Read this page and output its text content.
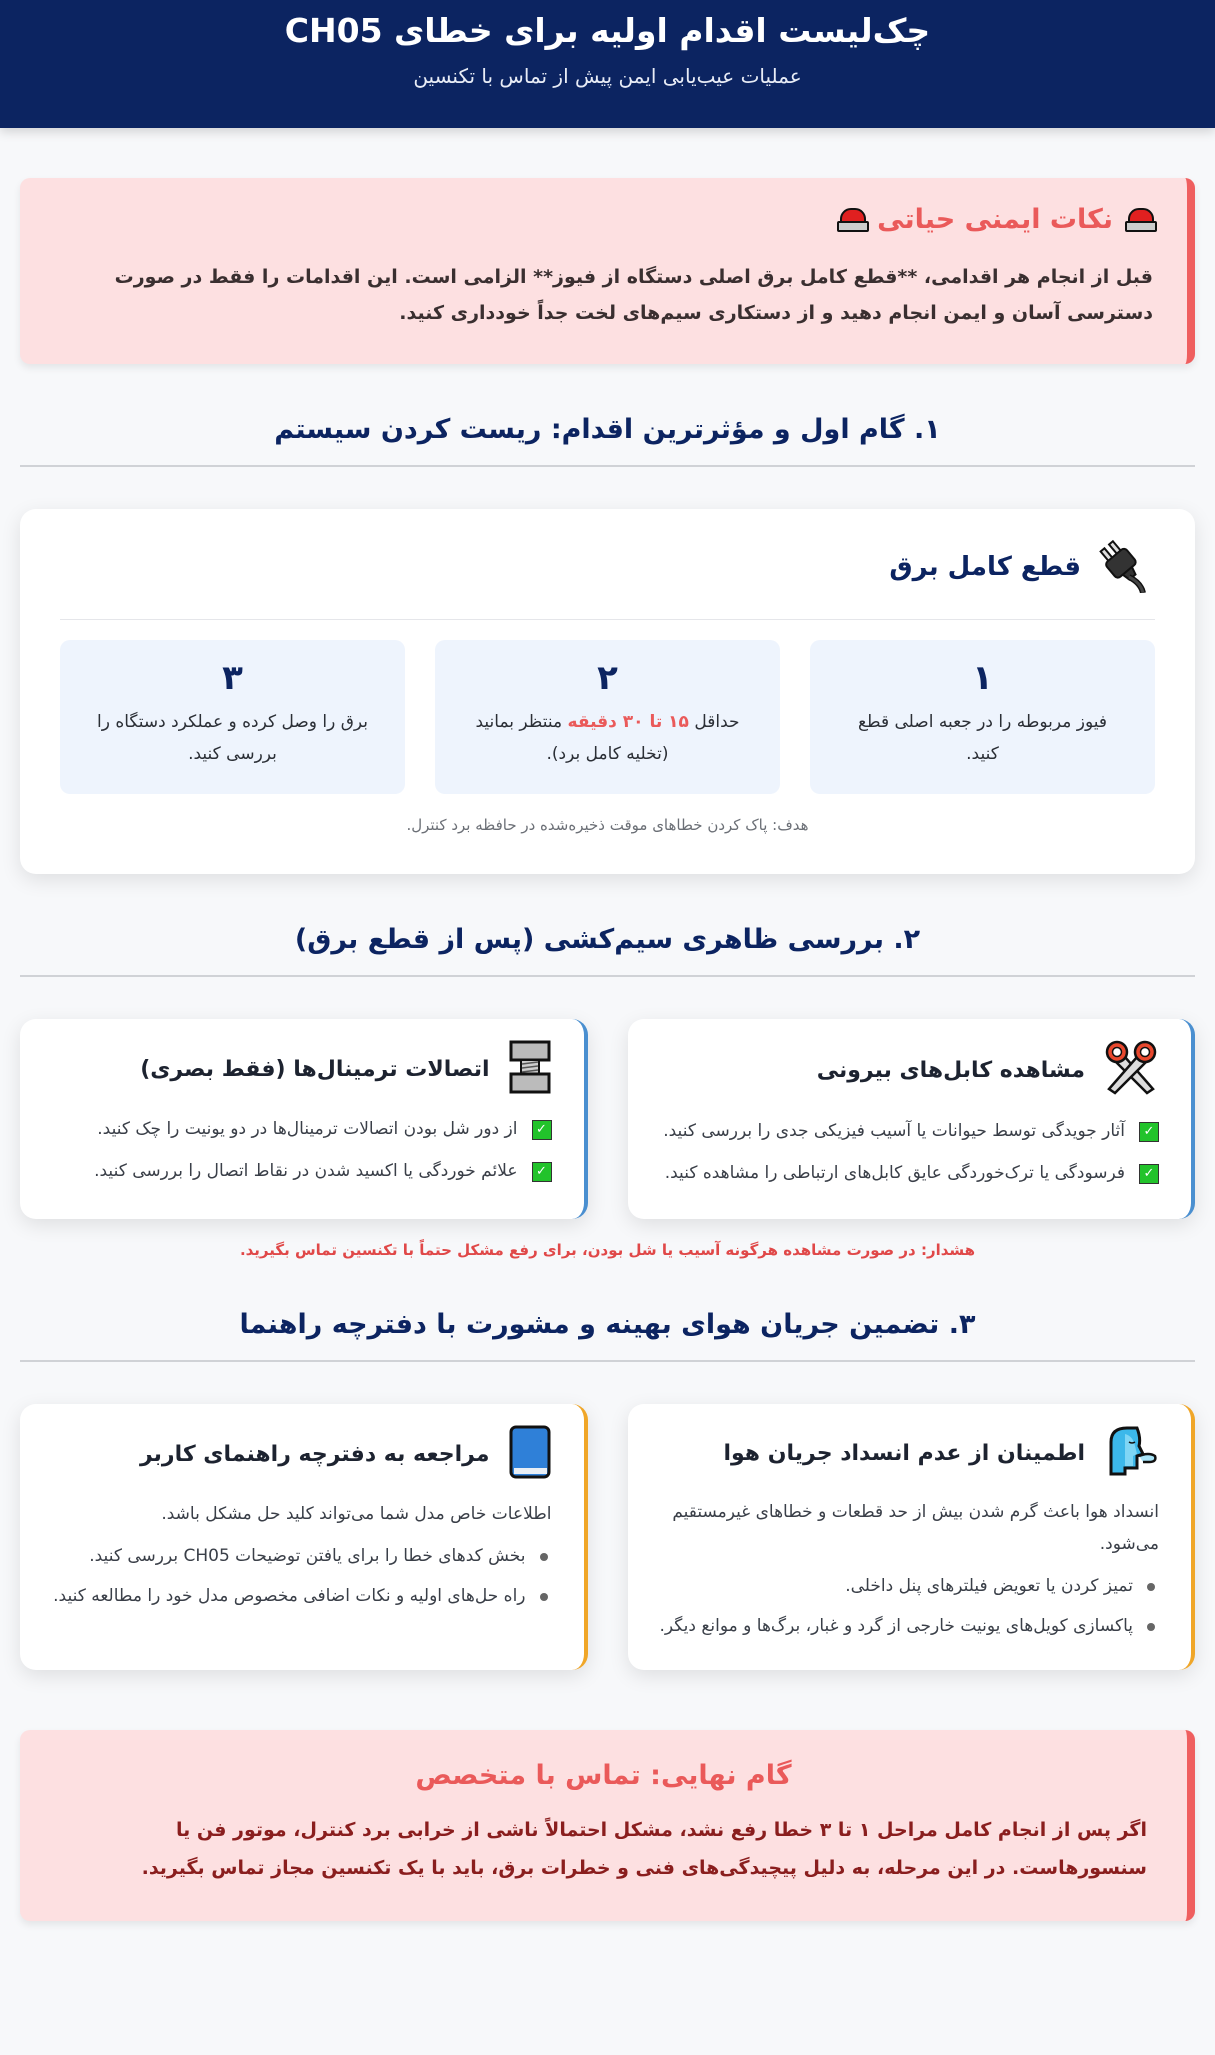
چک‌لیست اقدام اولیه برای خطای CH05

عملیات عیب‌یابی ایمن پیش از تماس با تکنسین

نکات ایمنی حیاتی

قبل از انجام هر اقدامی، **قطع کامل برق اصلی دستگاه از فیوز** الزامی است. این اقدامات را فقط در صورت دسترسی آسان و ایمن انجام دهید و از دستکاری سیم‌های لخت جداً خودداری کنید.

۱. گام اول و مؤثرترین اقدام: ریست کردن سیستم
قطع کامل برق
۱
فیوز مربوطه را در جعبه اصلی قطع کنید.
۲
حداقل ۱۵ تا ۳۰ دقیقه منتظر بمانید (تخلیه کامل برد).
۳
برق را وصل کرده و عملکرد دستگاه را بررسی کنید.

هدف: پاک کردن خطاهای موقت ذخیره‌شده در حافظه برد کنترل.

۲. بررسی ظاهری سیم‌کشی (پس از قطع برق)
مشاهده کابل‌های بیرونی
✓
آثار جویدگی توسط حیوانات یا آسیب فیزیکی جدی را بررسی کنید.
✓
فرسودگی یا ترک‌خوردگی عایق کابل‌های ارتباطی را مشاهده کنید.
اتصالات ترمینال‌ها (فقط بصری)
✓
از دور شل بودن اتصالات ترمینال‌ها در دو یونیت را چک کنید.
✓
علائم خوردگی یا اکسید شدن در نقاط اتصال را بررسی کنید.

هشدار: در صورت مشاهده هرگونه آسیب یا شل بودن، برای رفع مشکل حتماً با تکنسین تماس بگیرید.

۳. تضمین جریان هوای بهینه و مشورت با دفترچه راهنما
اطمینان از عدم انسداد جریان هوا

انسداد هوا باعث گرم شدن بیش از حد قطعات و خطاهای غیرمستقیم می‌شود.

تمیز کردن یا تعویض فیلترهای پنل داخلی.
پاکسازی کویل‌های یونیت خارجی از گرد و غبار، برگ‌ها و موانع دیگر.
مراجعه به دفترچه راهنمای کاربر

اطلاعات خاص مدل شما می‌تواند کلید حل مشکل باشد.

بخش کدهای خطا را برای یافتن توضیحات CH05 بررسی کنید.
راه حل‌های اولیه و نکات اضافی مخصوص مدل خود را مطالعه کنید.
گام نهایی: تماس با متخصص

اگر پس از انجام کامل مراحل ۱ تا ۳ خطا رفع نشد، مشکل احتمالاً ناشی از خرابی برد کنترل، موتور فن یا سنسورهاست. در این مرحله، به دلیل پیچیدگی‌های فنی و خطرات برق، باید با یک تکنسین مجاز تماس بگیرید.
